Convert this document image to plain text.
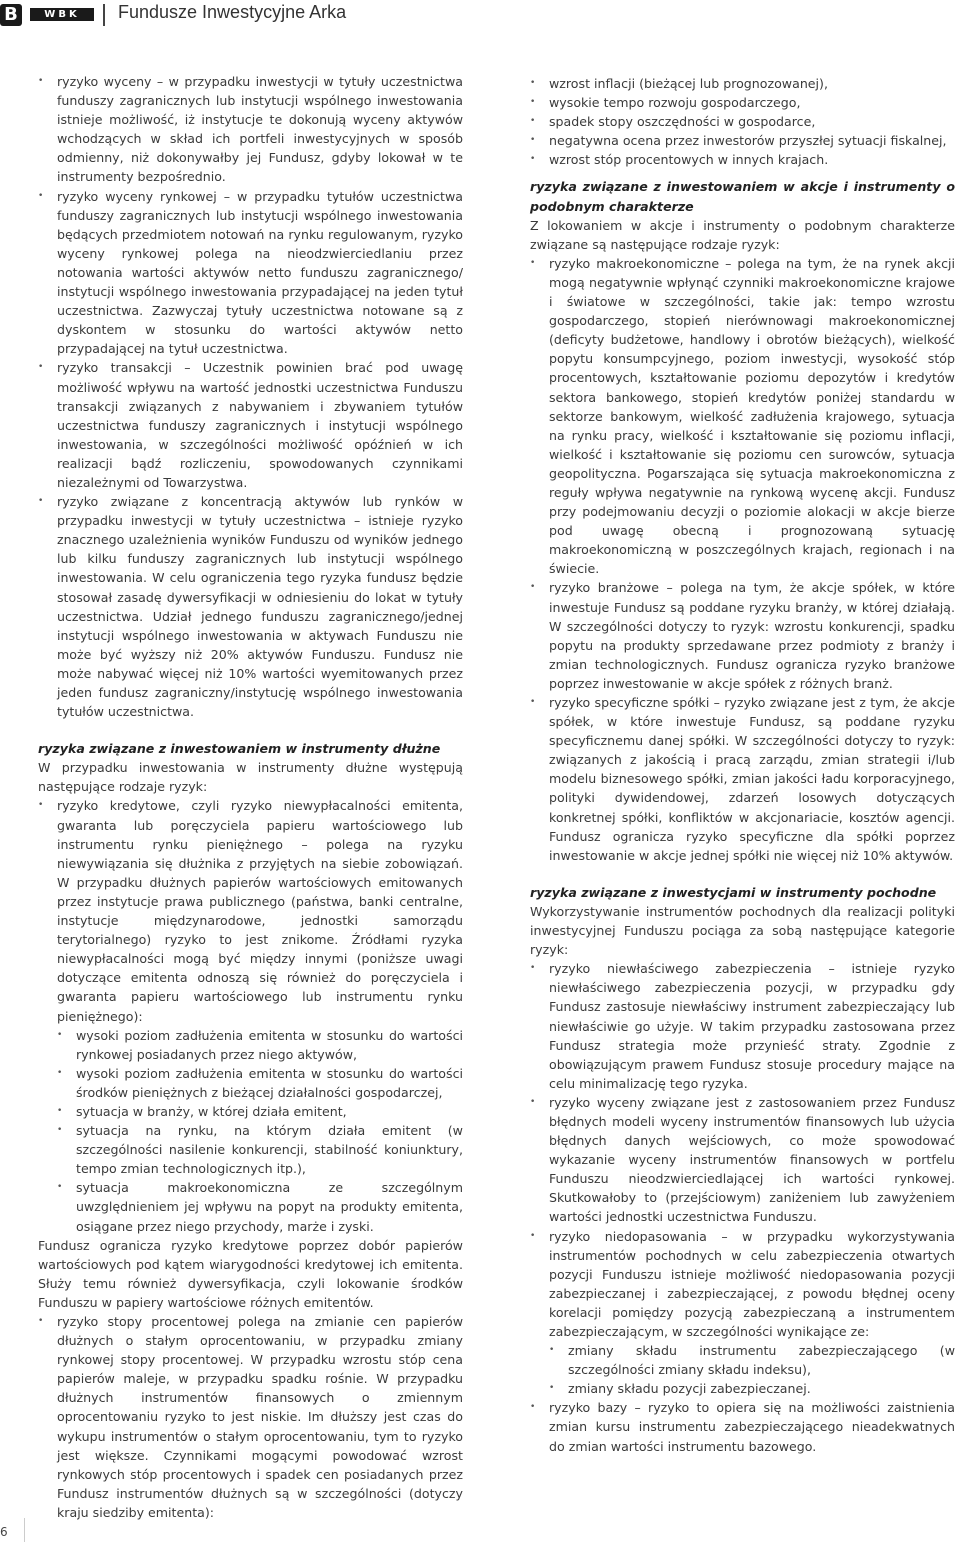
B	WBK	Fundusze Inwestycyjne Arka
• ryzyko wyceny – w przypadku inwestycji w tytuły uczestnictwa funduszy zagranicznych lub instytucji wspólnego inwestowania istnieje możliwość, iż instytucje te dokonują wyceny aktywów wchodzących w skład ich portfeli inwestycyjnych w sposób odmienny, niż dokonywałby jej Fundusz, gdyby lokował w te instrumenty bezpośrednio.
• ryzyko wyceny rynkowej – w przypadku tytułów uczestnictwa funduszy zagranicznych lub instytucji wspólnego inwestowania będących przedmiotem notowań na rynku regulowanym, ryzyko wyceny rynkowej polega na nieodzwierciedlaniu przez notowania wartości aktywów netto funduszu zagranicznego/ instytucji wspólnego inwestowania przypadającej na jeden tytuł uczestnictwa. Zazwyczaj tytuły uczestnictwa notowane są z dyskontem w stosunku do wartości aktywów netto przypadającej na tytuł uczestnictwa.
• ryzyko transakcji – Uczestnik powinien brać pod uwagę możliwość wpływu na wartość jednostki uczestnictwa Funduszu transakcji związanych z nabywaniem i zbywaniem tytułów uczestnictwa funduszy zagranicznych i instytucji wspólnego inwestowania, w szczególności możliwość opóźnień w ich realizacji bądź rozliczeniu, spowodowanych czynnikami niezależnymi od Towarzystwa.
• ryzyko związane z koncentracją aktywów lub rynków w przypadku inwestycji w tytuły uczestnictwa – istnieje ryzyko znacznego uzależnienia wyników Funduszu od wyników jednego lub kilku funduszy zagranicznych lub instytucji wspólnego inwestowania. W celu ograniczenia tego ryzyka fundusz będzie stosował zasadę dywersyfikacji w odniesieniu do lokat w tytuły uczestnictwa. Udział jednego funduszu zagranicznego/jednej instytucji wspólnego inwestowania w aktywach Funduszu nie może być wyższy niż 20% aktywów Funduszu. Fundusz nie może nabywać więcej niż 10% wartości wyemitowanych przez jeden fundusz zagraniczny/instytucję wspólnego inwestowania tytułów uczestnictwa.

ryzyka związane z inwestowaniem w instrumenty dłużne

W przypadku inwestowania w instrumenty dłużne występują następujące rodzaje ryzyk:

• ryzyko kredytowe, czyli ryzyko niewypłacalności emitenta, gwaranta lub poręczyciela papieru wartościowego lub instrumentu rynku pieniężnego – polega na ryzyku niewywiązania się dłużnika z przyjętych na siebie zobowiązań. W przypadku dłużnych papierów wartościowych emitowanych przez instytucje prawa publicznego (państwa, banki centralne, instytucje międzynarodowe, jednostki samorządu terytorialnego) ryzyko to jest znikome. Źródłami ryzyka niewypłacalności mogą być między innymi (poniższe uwagi dotyczące emitenta odnoszą się również do poręczyciela i gwaranta papieru wartościowego lub instrumentu rynku pieniężnego):
• wysoki poziom zadłużenia emitenta w stosunku do wartości rynkowej posiadanych przez niego aktywów,
• wysoki poziom zadłużenia emitenta w stosunku do wartości środków pieniężnych z bieżącej działalności gospodarczej,
• sytuacja w branży, w której działa emitent,
• sytuacja na rynku, na którym działa emitent (w szczególności nasilenie konkurencji, stabilność koniunktury, tempo zmian technologicznych itp.),
• sytuacja makroekonomiczna ze szczególnym uwzględnieniem jej wpływu na popyt na produkty emitenta, osiągane przez niego przychody, marże i zyski.

Fundusz ogranicza ryzyko kredytowe poprzez dobór papierów wartościowych pod kątem wiarygodności kredytowej ich emitenta. Służy temu również dywersyfikacja, czyli lokowanie środków Funduszu w papiery wartościowe różnych emitentów.

• ryzyko stopy procentowej polega na zmianie cen papierów dłużnych o stałym oprocentowaniu, w przypadku zmiany rynkowej stopy procentowej. W przypadku wzrostu stóp cena papierów maleje, w przypadku spadku rośnie. W przypadku dłużnych instrumentów finansowych o zmiennym oprocentowaniu ryzyko to jest niskie. Im dłuższy jest czas do wykupu instrumentów o stałym oprocentowaniu, tym to ryzyko jest większe. Czynnikami mogącymi powodować wzrost rynkowych stóp procentowych i spadek cen posiadanych przez Fundusz instrumentów dłużnych są w szczególności (dotyczy kraju siedziby emitenta):
• wzrost inflacji (bieżącej lub prognozowanej),
• wysokie tempo rozwoju gospodarczego,
• spadek stopy oszczędności w gospodarce,
• negatywna ocena przez inwestorów przyszłej sytuacji fiskalnej,
• wzrost stóp procentowych w innych krajach.

ryzyka związane z inwestowaniem w akcje i instrumenty o podobnym charakterze

Z lokowaniem w akcje i instrumenty o podobnym charakterze związane są następujące rodzaje ryzyk:

• ryzyko makroekonomiczne – polega na tym, że na rynek akcji mogą negatywnie wpłynąć czynniki makroekonomiczne krajowe i światowe w szczególności, takie jak: tempo wzrostu gospodarczego, stopień nierównowagi makroekonomicznej (deficyty budżetowe, handlowy i obrotów bieżących), wielkość popytu konsumpcyjnego, poziom inwestycji, wysokość stóp procentowych, kształtowanie poziomu depozytów i kredytów sektora bankowego, stopień kredytów poniżej standardu w sektorze bankowym, wielkość zadłużenia krajowego, sytuacja na rynku pracy, wielkość i kształtowanie się poziomu inflacji, wielkość i kształtowanie się poziomu cen surowców, sytuacja geopolityczna. Pogarszająca się sytuacja makroekonomiczna z reguły wpływa negatywnie na rynkową wycenę akcji. Fundusz przy podejmowaniu decyzji o poziomie alokacji w akcje bierze pod uwagę obecną i prognozowaną sytuację makroekonomiczną w poszczególnych krajach, regionach i na świecie.
• ryzyko branżowe – polega na tym, że akcje spółek, w które inwestuje Fundusz są poddane ryzyku branży, w której działają. W szczególności dotyczy to ryzyk: wzrostu konkurencji, spadku popytu na produkty sprzedawane przez podmioty z branży i zmian technologicznych. Fundusz ogranicza ryzyko branżowe poprzez inwestowanie w akcje spółek z różnych branż.
• ryzyko specyficzne spółki – ryzyko związane jest z tym, że akcje spółek, w które inwestuje Fundusz, są poddane ryzyku specyficznemu danej spółki. W szczególności dotyczy to ryzyk: związanych z jakością i pracą zarządu, zmian strategii i/lub modelu biznesowego spółki, zmian jakości ładu korporacyjnego, polityki dywidendowej, zdarzeń losowych dotyczących konkretnej spółki, konfliktów w akcjonariacie, kosztów agencji. Fundusz ogranicza ryzyko specyficzne dla spółki poprzez inwestowanie w akcje jednej spółki nie więcej niż 10% aktywów.

ryzyka związane z inwestycjami w instrumenty pochodne

Wykorzystywanie instrumentów pochodnych dla realizacji polityki inwestycyjnej Funduszu pociąga za sobą następujące kategorie ryzyk:

• ryzyko niewłaściwego zabezpieczenia – istnieje ryzyko niewłaściwego zabezpieczenia pozycji, w przypadku gdy Fundusz zastosuje niewłaściwy instrument zabezpieczający lub niewłaściwie go użyje. W takim przypadku zastosowana przez Fundusz strategia może przynieść straty. Zgodnie z obowiązującym prawem Fundusz stosuje procedury mające na celu minimalizację tego ryzyka.
• ryzyko wyceny związane jest z zastosowaniem przez Fundusz błędnych modeli wyceny instrumentów finansowych lub użycia błędnych danych wejściowych, co może spowodować wykazanie wyceny instrumentów finansowych w portfelu Funduszu nieodzwierciedlającej ich wartości rynkowej. Skutkowałoby to (przejściowym) zaniżeniem lub zawyżeniem wartości jednostki uczestnictwa Funduszu.
• ryzyko niedopasowania – w przypadku wykorzystywania instrumentów pochodnych w celu zabezpieczenia otwartych pozycji Funduszu istnieje możliwość niedopasowania pozycji zabezpieczanej i zabezpieczającej, z powodu błędnej oceny korelacji pomiędzy pozycją zabezpieczaną a instrumentem zabezpieczającym, w szczególności wynikające ze:
• zmiany składu instrumentu zabezpieczającego (w szczególności zmiany składu indeksu),
• zmiany składu pozycji zabezpieczanej.
• ryzyko bazy – ryzyko to opiera się na możliwości zaistnienia zmian kursu instrumentu zabezpieczającego nieadekwatnych do zmian wartości instrumentu bazowego.
6
